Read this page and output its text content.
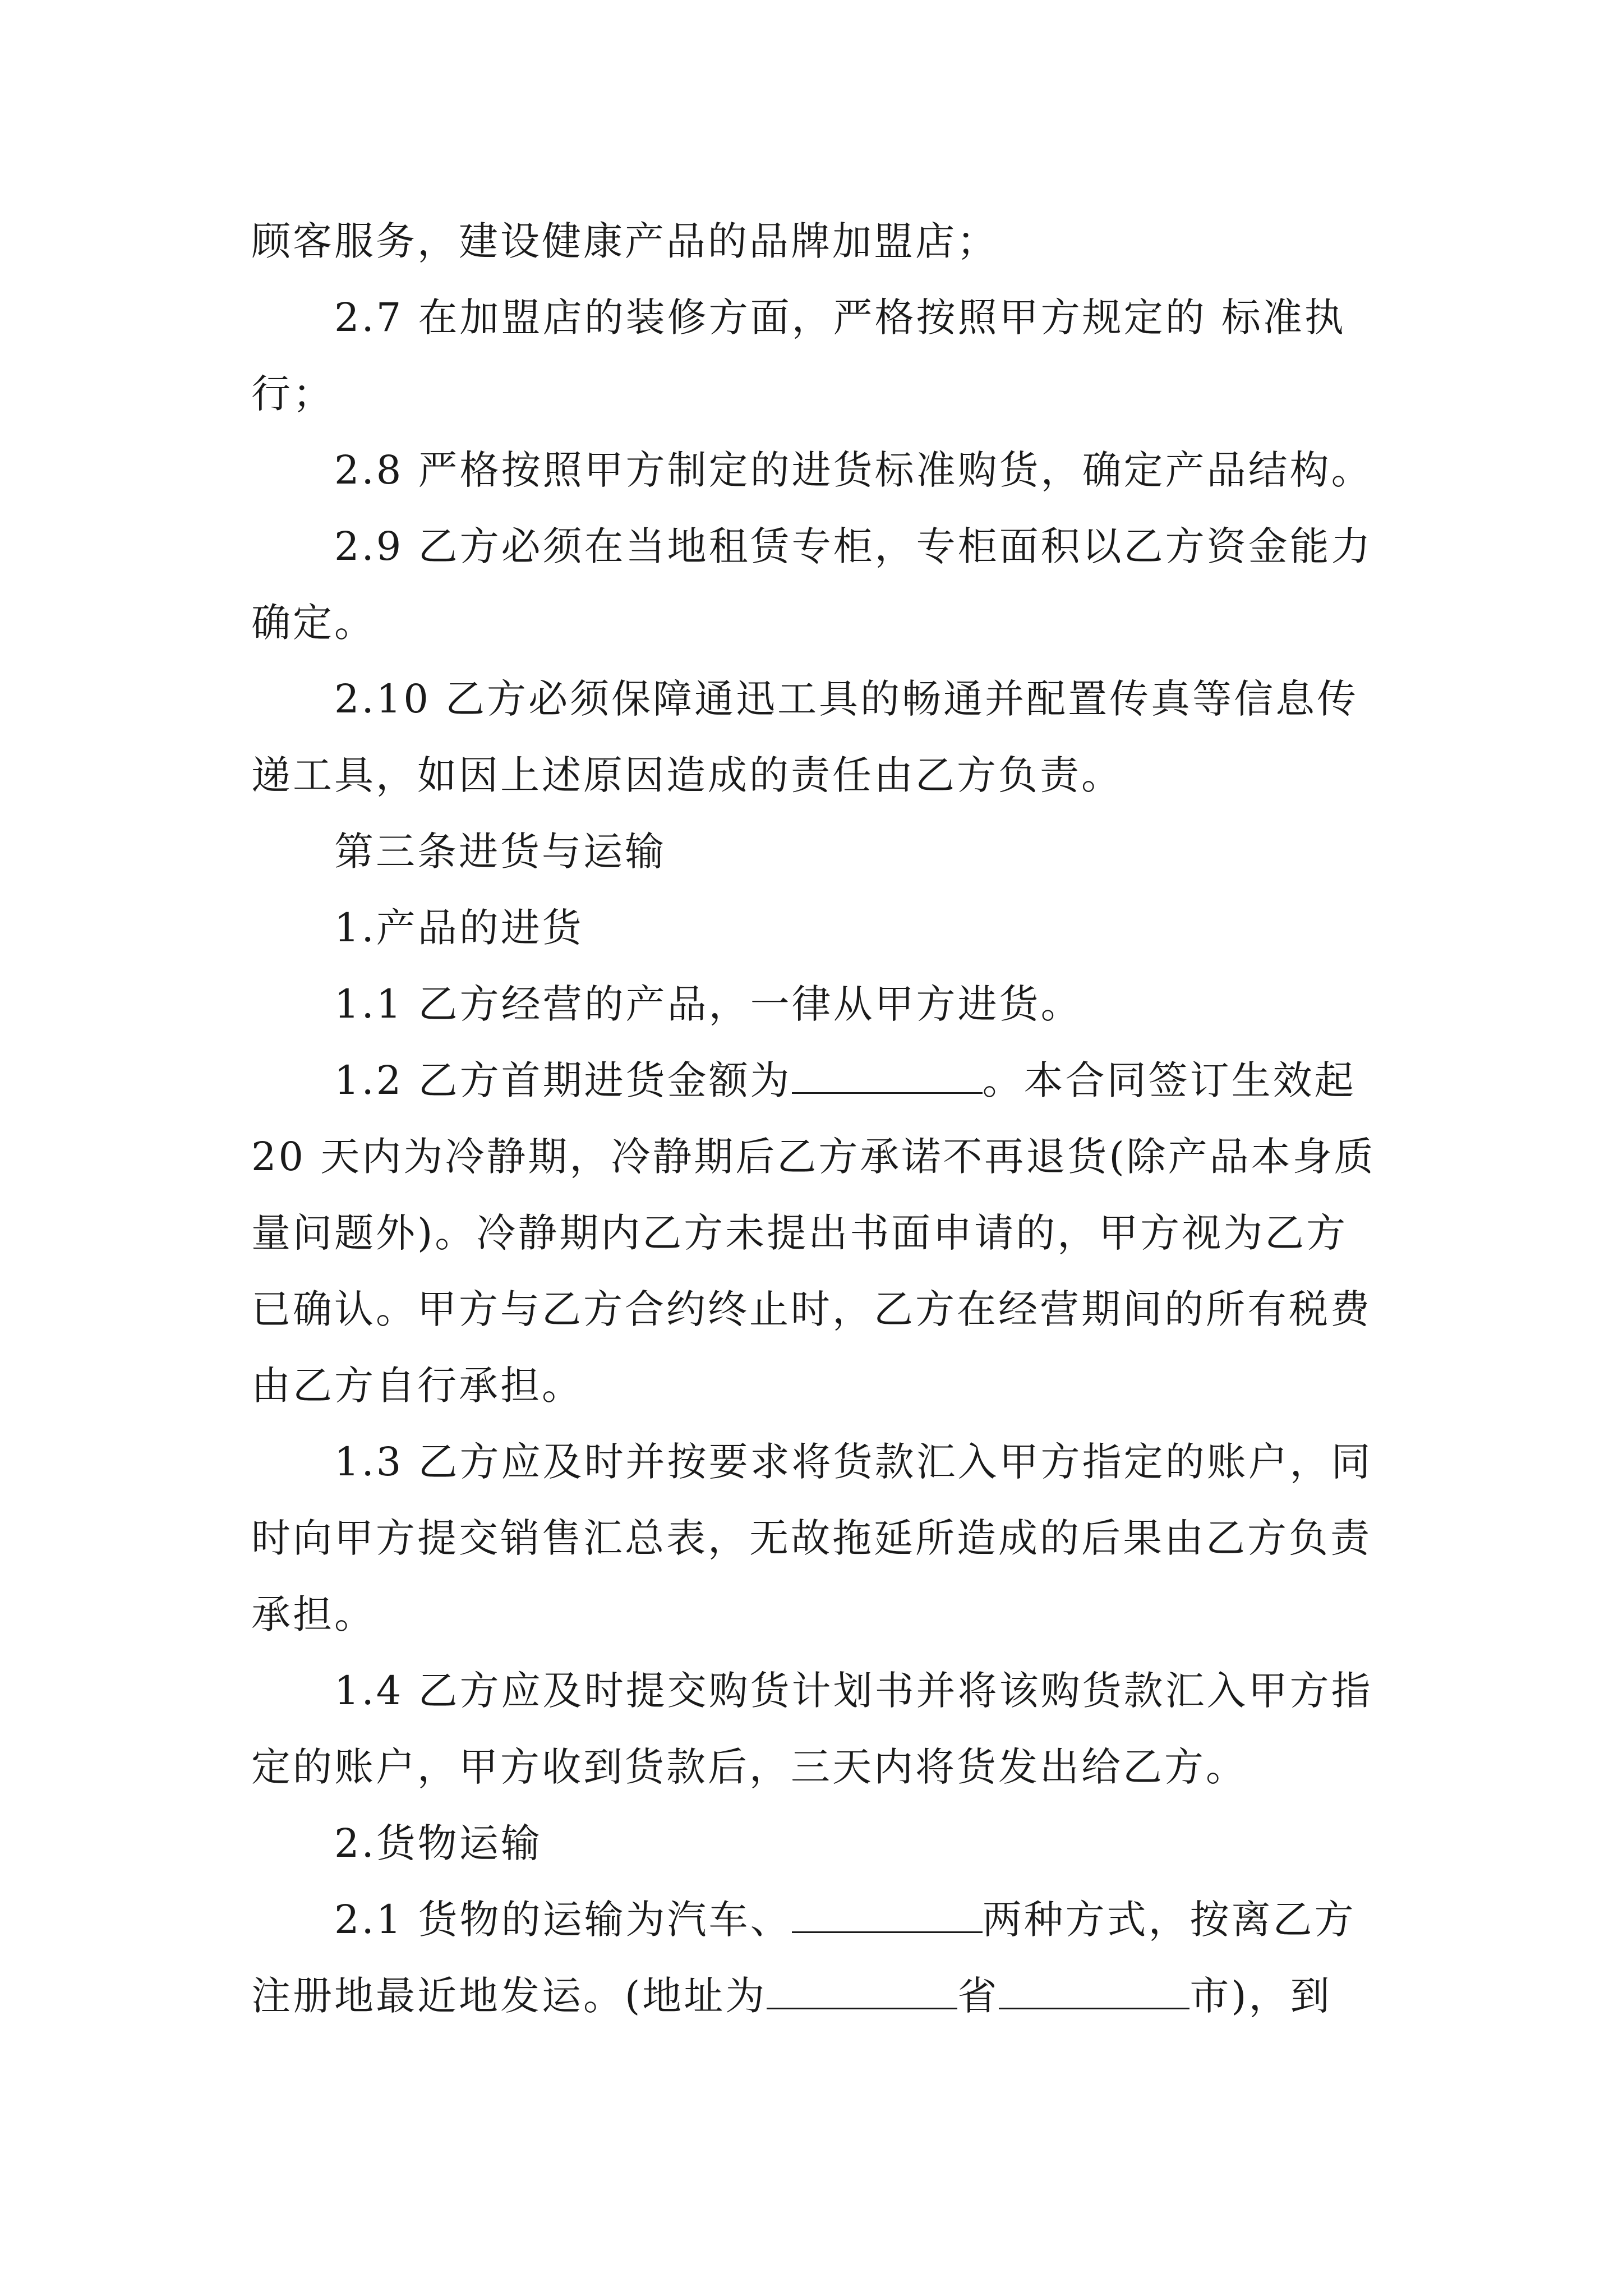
顾客服务，建设健康产品的品牌加盟店；

2.7 在加盟店的装修方面，严格按照甲方规定的 标准执行；

2.8 严格按照甲方制定的进货标准购货，确定产品结构。

2.9 乙方必须在当地租赁专柜，专柜面积以乙方资金能力确定。

2.10 乙方必须保障通迅工具的畅通并配置传真等信息传递工具，如因上述原因造成的责任由乙方负责。

第三条进货与运输

1.产品的进货

1.1 乙方经营的产品，一律从甲方进货。

1.2 乙方首期进货金额为	。本合同签订生效起 20 天内为冷静期，冷静期后乙方承诺不再退货(除产品本身质量问题外)。冷静期内乙方未提出书面申请的，甲方视为乙方已确认。甲方与乙方合约终止时，乙方在经营期间的所有税费由乙方自行承担。

1.3 乙方应及时并按要求将货款汇入甲方指定的账户，同时向甲方提交销售汇总表，无故拖延所造成的后果由乙方负责承担。

1.4 乙方应及时提交购货计划书并将该购货款汇入甲方指定的账户，甲方收到货款后，三天内将货发出给乙方。

2.货物运输

2.1 货物的运输为汽车、	两种方式，按离乙方注册地最近地发运。(地址为	省	市)，到
